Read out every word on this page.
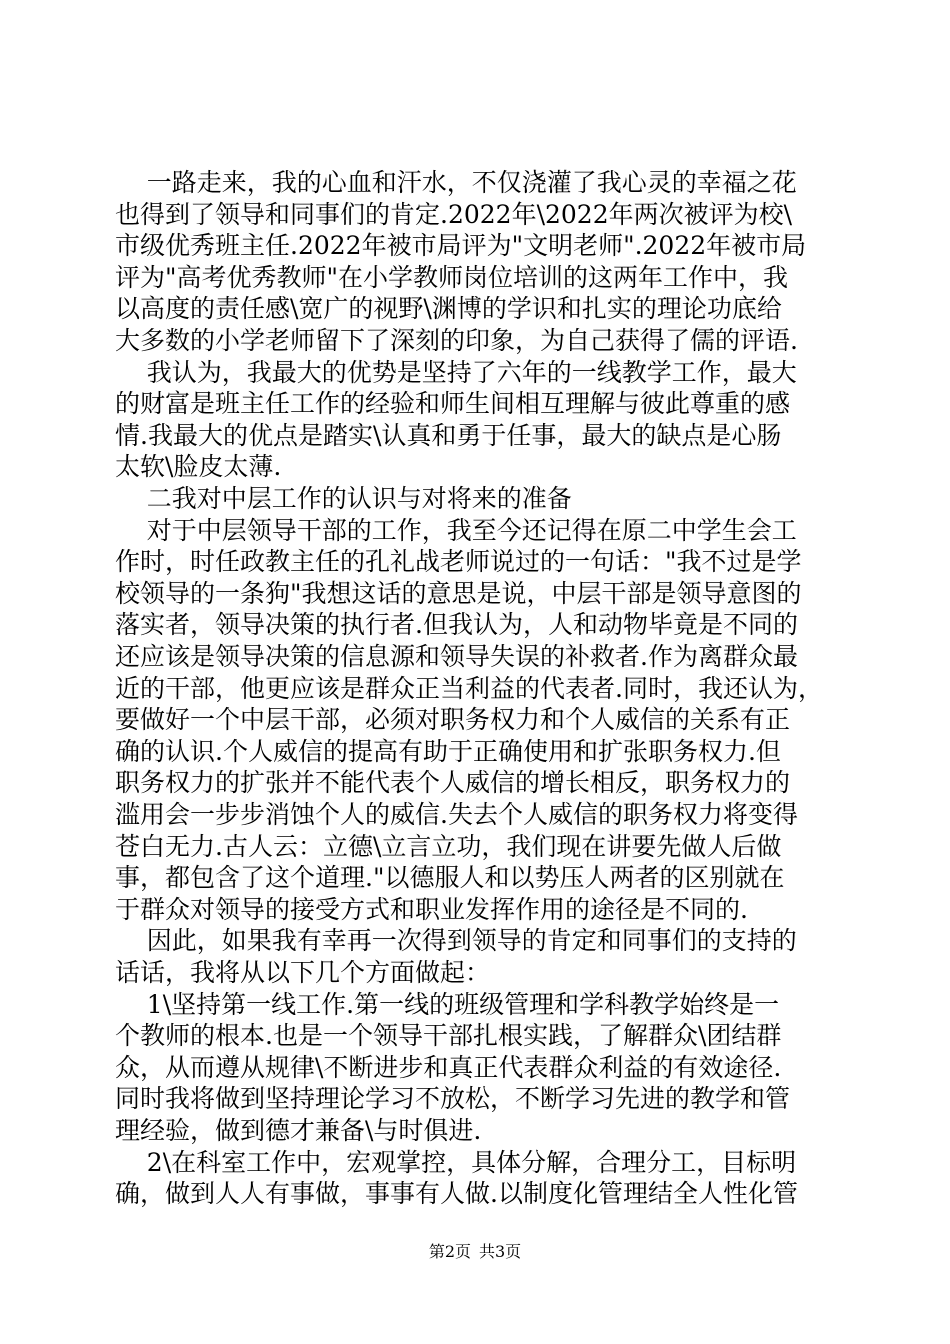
一路走来，我的心血和汗水，不仅浇灌了我心灵的幸福之花
也得到了领导和同事们的肯定.2022年\2022年两次被评为校\
市级优秀班主任.2022年被市局评为"文明老师".2022年被市局
评为"高考优秀教师"在小学教师岗位培训的这两年工作中，我
以高度的责任感\宽广的视野\渊博的学识和扎实的理论功底给
大多数的小学老师留下了深刻的印象，为自己获得了儒的评语.
我认为，我最大的优势是坚持了六年的一线教学工作，最大
的财富是班主任工作的经验和师生间相互理解与彼此尊重的感
情.我最大的优点是踏实\认真和勇于任事，最大的缺点是心肠
太软\脸皮太薄.
二我对中层工作的认识与对将来的准备
对于中层领导干部的工作，我至今还记得在原二中学生会工
作时，时任政教主任的孔礼战老师说过的一句话："我不过是学
校领导的一条狗"我想这话的意思是说，中层干部是领导意图的
落实者，领导决策的执行者.但我认为，人和动物毕竟是不同的
还应该是领导决策的信息源和领导失误的补救者.作为离群众最
近的干部，他更应该是群众正当利益的代表者.同时，我还认为，
要做好一个中层干部，必须对职务权力和个人威信的关系有正
确的认识.个人威信的提高有助于正确使用和扩张职务权力.但
职务权力的扩张并不能代表个人威信的增长相反，职务权力的
滥用会一步步消蚀个人的威信.失去个人威信的职务权力将变得
苍白无力.古人云：立德\立言立功，我们现在讲要先做人后做
事，都包含了这个道理."以德服人和以势压人两者的区别就在
于群众对领导的接受方式和职业发挥作用的途径是不同的.
因此，如果我有幸再一次得到领导的肯定和同事们的支持的
话话，我将从以下几个方面做起：
1\坚持第一线工作.第一线的班级管理和学科教学始终是一
个教师的根本.也是一个领导干部扎根实践，了解群众\团结群
众，从而遵从规律\不断进步和真正代表群众利益的有效途径.
同时我将做到坚持理论学习不放松，不断学习先进的教学和管
理经验，做到德才兼备\与时俱进.
2\在科室工作中，宏观掌控，具体分解，合理分工，目标明
确，做到人人有事做，事事有人做.以制度化管理结全人性化管
第2页 共3页
